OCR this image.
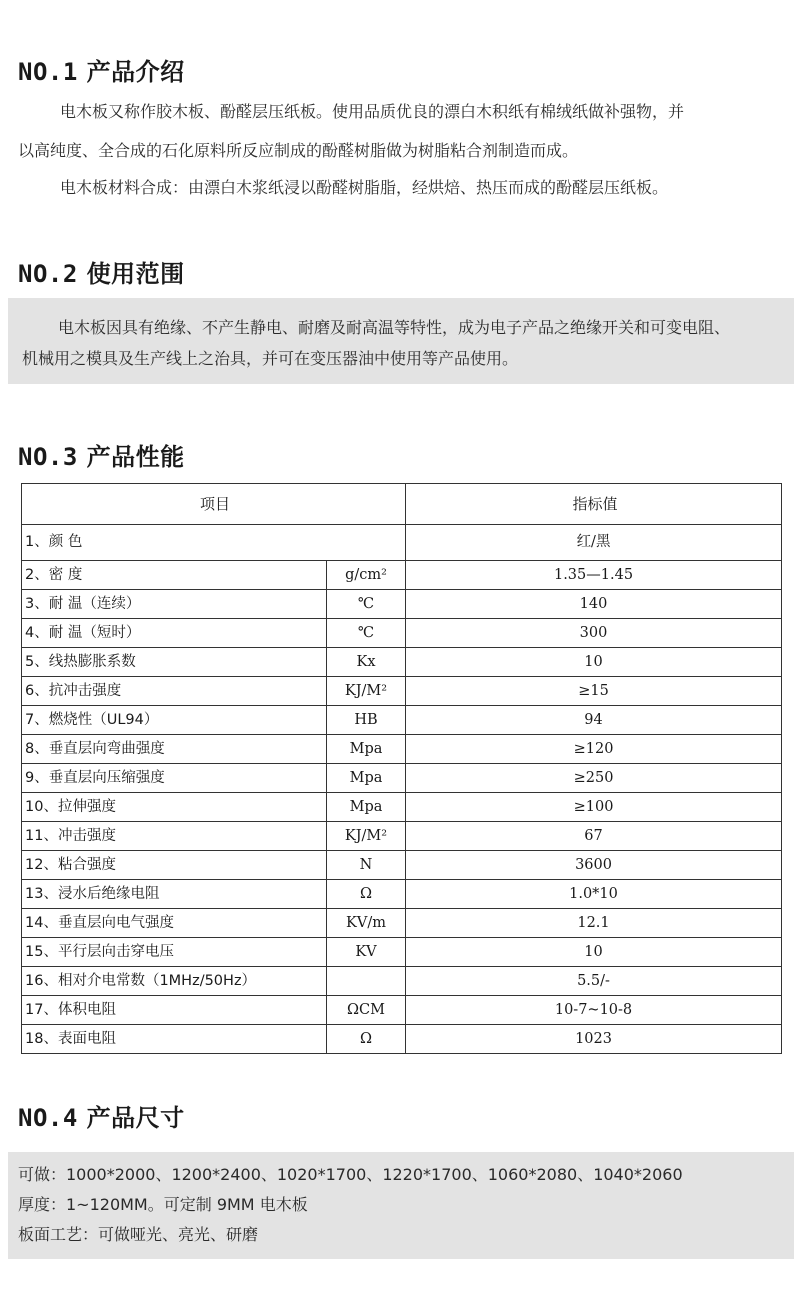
NO.1 产品介绍

电木板又称作胶木板、酚醛层压纸板。使用品质优良的漂白木积纸有棉绒纸做补强物，并

以高纯度、全合成的石化原料所反应制成的酚醛树脂做为树脂粘合剂制造而成。

电木板材料合成：由漂白木浆纸浸以酚醛树脂脂，经烘焙、热压而成的酚醛层压纸板。

NO.2 使用范围

电木板因具有绝缘、不产生静电、耐磨及耐高温等特性，成为电子产品之绝缘开关和可变电阻、

机械用之模具及生产线上之治具，并可在变压器油中使用等产品使用。

NO.3 产品性能
项目		指标值
1、颜 色		红/黑
2、密 度	g/cm²	1.35—1.45
3、耐 温（连续）	℃	140
4、耐 温（短时）	℃	300
5、线热膨胀系数	Kx	10
6、抗冲击强度	KJ/M²	≥15
7、燃烧性（UL94）	HB	94
8、垂直层向弯曲强度	Mpa	≥120
9、垂直层向压缩强度	Mpa	≥250
10、拉伸强度	Mpa	≥100
11、冲击强度	KJ/M²	67
12、粘合强度	N	3600
13、浸水后绝缘电阻	Ω	1.0*10
14、垂直层向电气强度	KV/m	12.1
15、平行层向击穿电压	KV	10
16、相对介电常数（1MHz/50Hz）		5.5/-
17、体积电阻	ΩCM	10-7~10-8
18、表面电阻	Ω	1023
NO.4 产品尺寸

可做：1000*2000、1200*2400、1020*1700、1220*1700、1060*2080、1040*2060

厚度：1~120MM。可定制 9MM 电木板

板面工艺：可做哑光、亮光、研磨
